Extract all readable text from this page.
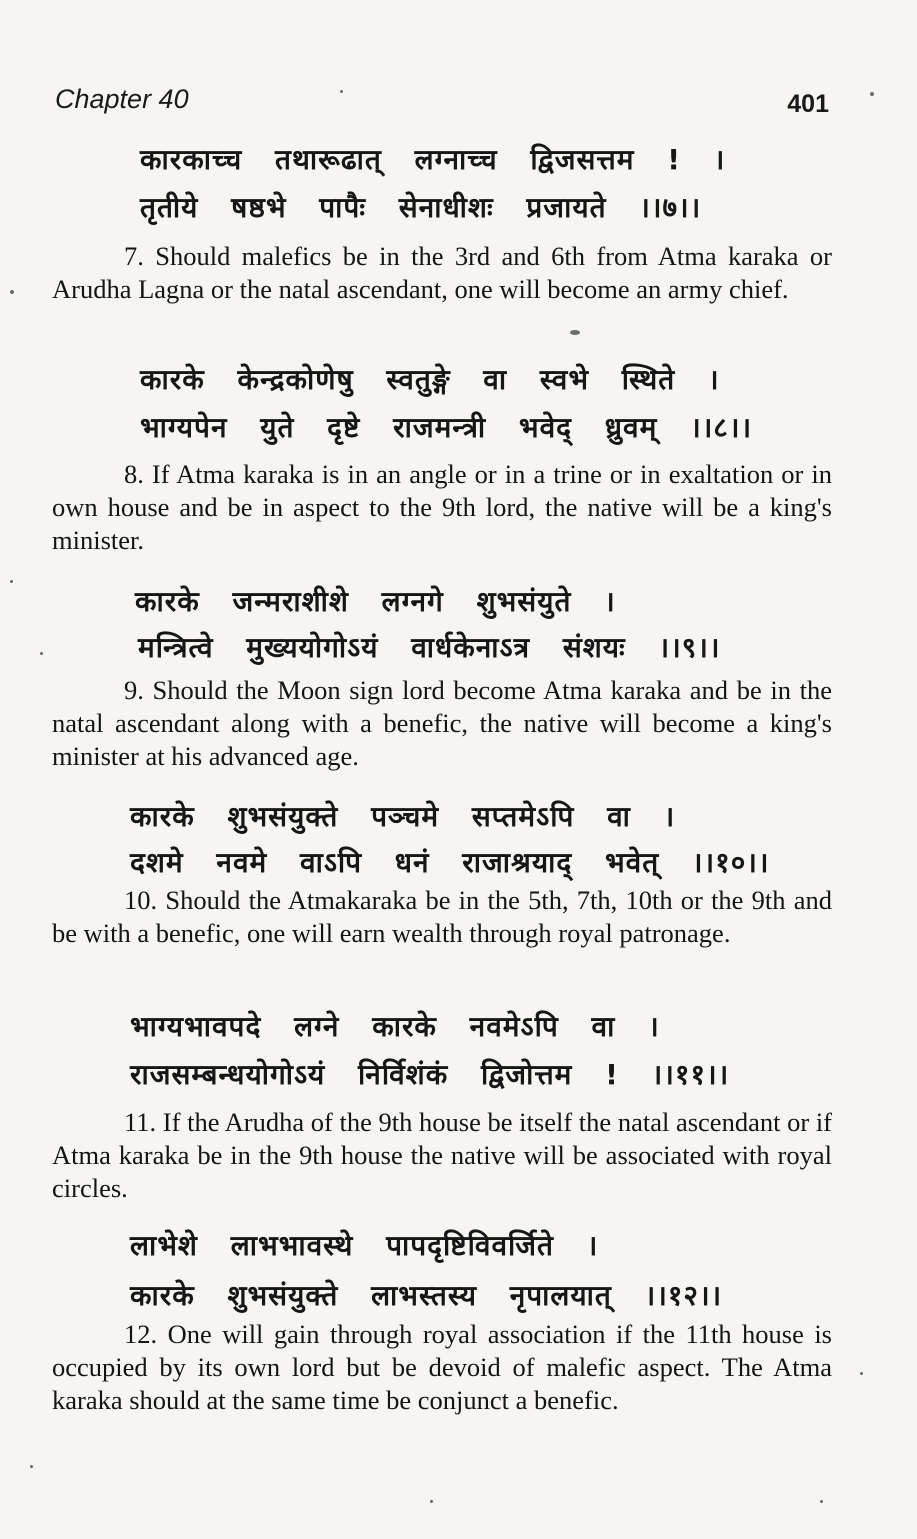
Chapter 40	401
कारकाच्च तथारूढात् लग्नाच्च द्विजसत्तम ! ।
तृतीये षष्ठभे पापैः सेनाधीशः प्रजायते ।।७।।
7. Should malefics be in the 3rd and 6th from Atma karaka or Arudha Lagna or the natal ascendant, one will become an army chief.
कारके केन्द्रकोणेषु स्वतुङ्गे वा स्वभे स्थिते ।
भाग्यपेन युते दृष्टे राजमन्त्री भवेद् ध्रुवम् ।।८।।
8. If Atma karaka is in an angle or in a trine or in exaltation or in own house and be in aspect to the 9th lord, the native will be a king's minister.
कारके जन्मराशीशे लग्नगे शुभसंयुते ।
मन्त्रित्वे मुख्ययोगोऽयं वार्धकेनाऽत्र संशयः ।।९।।
9. Should the Moon sign lord become Atma karaka and be in the natal ascendant along with a benefic, the native will become a king's minister at his advanced age.
कारके शुभसंयुक्ते पञ्चमे सप्तमेऽपि वा ।
दशमे नवमे वाऽपि धनं राजाश्रयाद् भवेत् ।।१०।।
10. Should the Atmakaraka be in the 5th, 7th, 10th or the 9th and be with a benefic, one will earn wealth through royal patronage.
भाग्यभावपदे लग्ने कारके नवमेऽपि वा ।
राजसम्बन्धयोगोऽयं निर्विशंकं द्विजोत्तम ! ।।११।।
11. If the Arudha of the 9th house be itself the natal ascendant or if Atma karaka be in the 9th house the native will be associated with royal circles.
लाभेशे लाभभावस्थे पापदृष्टिविवर्जिते ।
कारके शुभसंयुक्ते लाभस्तस्य नृपालयात् ।।१२।।
12. One will gain through royal association if the 11th house is occupied by its own lord but be devoid of malefic aspect. The Atma karaka should at the same time be conjunct a benefic.
